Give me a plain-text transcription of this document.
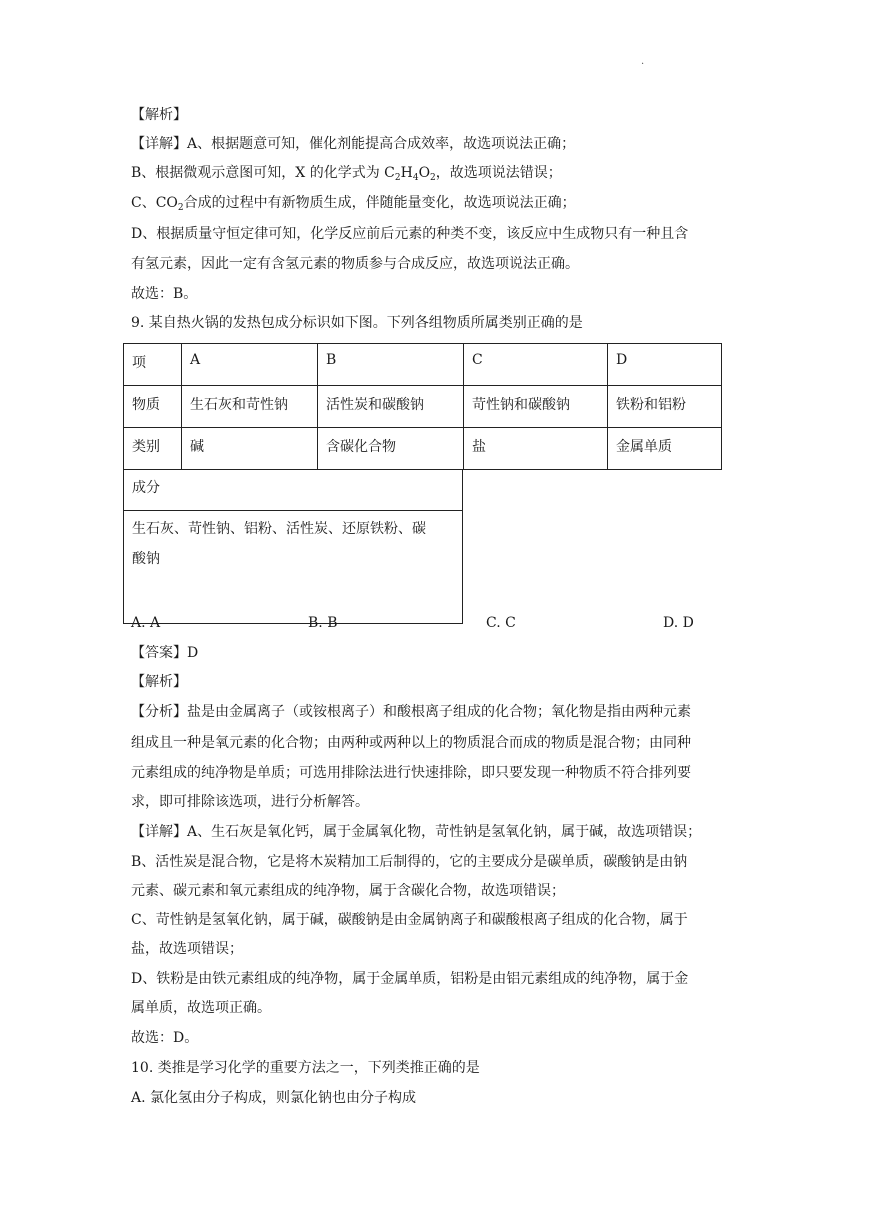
.
【解析】
【详解】A、根据题意可知，催化剂能提高合成效率，故选项说法正确；
B、根据微观示意图可知，X 的化学式为 $C_2H_4O_2$，故选项说法错误；
C、$CO_2$合成的过程中有新物质生成，伴随能量变化，故选项说法正确；
D、根据质量守恒定律可知，化学反应前后元素的种类不变，该反应中生成物只有一种且含
有氢元素，因此一定有含氢元素的物质参与合成反应，故选项说法正确。
故选：B。
9. 某自热火锅的发热包成分标识如下图。下列各组物质所属类别正确的是
项	A	B	C	D
物质	生石灰和苛性钠	活性炭和碳酸钠	苛性钠和碳酸钠	铁粉和铝粉
类别	碱	含碳化合物	盐	金属单质
成分
生石灰、苛性钠、铝粉、活性炭、还原铁粉、碳
酸钠
A. A	B. B	C. C	D. D
【答案】D
【解析】
【分析】盐是由金属离子（或铵根离子）和酸根离子组成的化合物；氧化物是指由两种元素
组成且一种是氧元素的化合物；由两种或两种以上的物质混合而成的物质是混合物；由同种
元素组成的纯净物是单质；可选用排除法进行快速排除，即只要发现一种物质不符合排列要
求，即可排除该选项，进行分析解答。
【详解】A、生石灰是氧化钙，属于金属氧化物，苛性钠是氢氧化钠，属于碱，故选项错误；
B、活性炭是混合物，它是将木炭精加工后制得的，它的主要成分是碳单质，碳酸钠是由钠
元素、碳元素和氧元素组成的纯净物，属于含碳化合物，故选项错误；
C、苛性钠是氢氧化钠，属于碱，碳酸钠是由金属钠离子和碳酸根离子组成的化合物，属于
盐，故选项错误；
D、铁粉是由铁元素组成的纯净物，属于金属单质，铝粉是由铝元素组成的纯净物，属于金
属单质，故选项正确。
故选：D。
10. 类推是学习化学的重要方法之一，下列类推正确的是
A. 氯化氢由分子构成，则氯化钠也由分子构成
